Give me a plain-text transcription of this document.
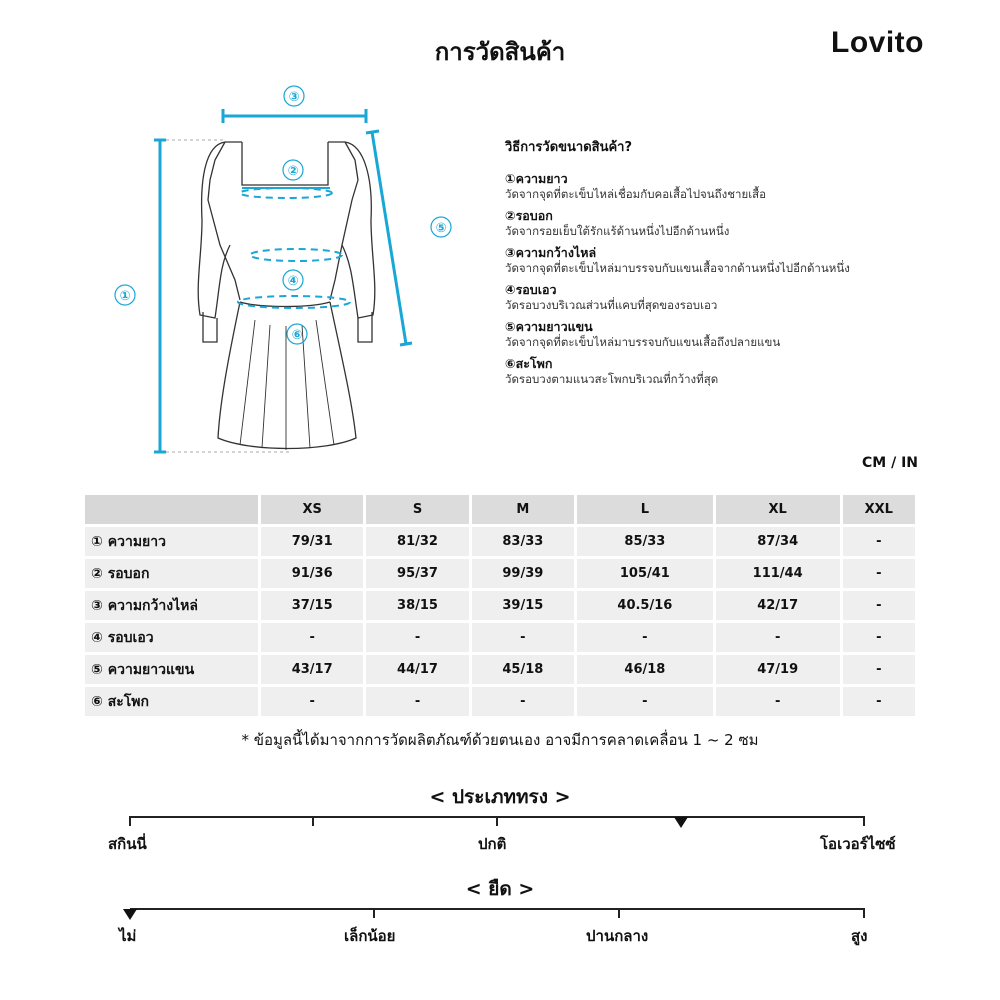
การวัดสินค้า	Lovito
①
②
③
④
⑤
⑥
วิธีการวัดขนาดสินค้า?
①ความยาว
วัดจากจุดที่ตะเข็บไหล่เชื่อมกับคอเสื้อไปจนถึงชายเสื้อ
②รอบอก
วัดจากรอยเย็บใต้รักแร้ด้านหนึ่งไปอีกด้านหนึ่ง
③ความกว้างไหล่
วัดจากจุดที่ตะเข็บไหล่มาบรรจบกับแขนเสื้อจากด้านหนึ่งไปอีกด้านหนึ่ง
④รอบเอว
วัดรอบวงบริเวณส่วนที่แคบที่สุดของรอบเอว
⑤ความยาวแขน
วัดจากจุดที่ตะเข็บไหล่มาบรรจบกับแขนเสื้อถึงปลายแขน
⑥สะโพก
วัดรอบวงตามแนวสะโพกบริเวณที่กว้างที่สุด
CM / IN
	XS	S	M	L	XL	XXL
① ความยาว	79/31	81/32	83/33	85/33	87/34	-
② รอบอก	91/36	95/37	99/39	105/41	111/44	-
③ ความกว้างไหล่	37/15	38/15	39/15	40.5/16	42/17	-
④ รอบเอว	-	-	-	-	-	-
⑤ ความยาวแขน	43/17	44/17	45/18	46/18	47/19	-
⑥ สะโพก	-	-	-	-	-	-
* ข้อมูลนี้ได้มาจากการวัดผลิตภัณฑ์ด้วยตนเอง อาจมีการคลาดเคลื่อน 1 ~ 2 ซม
< ประเภททรง >
สกินนี่	ปกติ	โอเวอร์ไซซ์
< ยืด >
ไม่	เล็กน้อย	ปานกลาง	สูง
